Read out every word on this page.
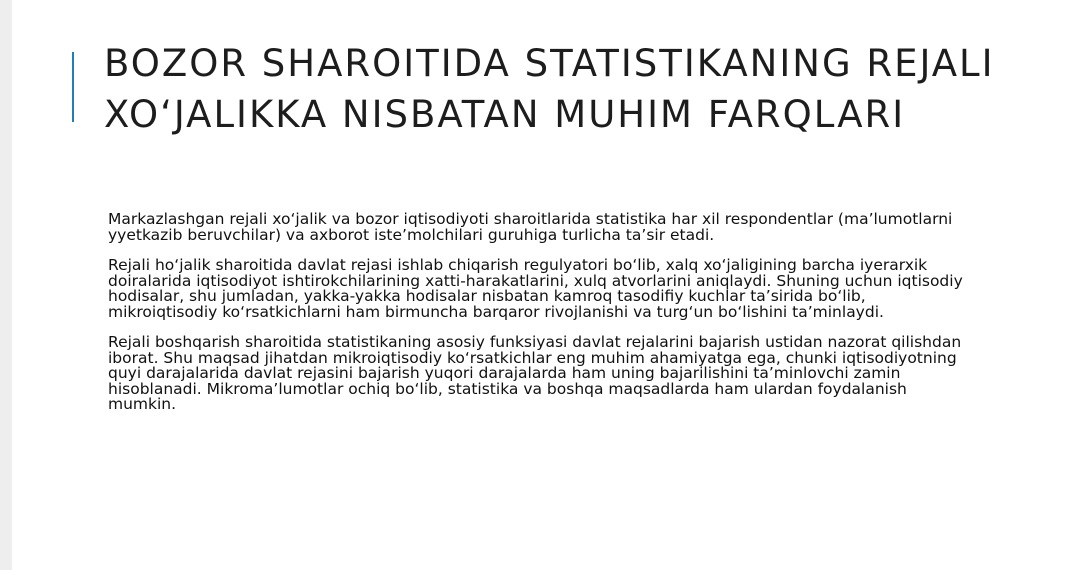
BOZOR SHAROITIDA STATISTIKANING REJALI
XO‘JALIKKA NISBATAN MUHIM FARQLARI

Markazlashgan rejali xo‘jalik va bozor iqtisodiyoti sharoitlarida statistika har xil respondentlar (ma’lumotlarni yyetkazib beruvchilar) va axborot iste’molchilari guruhiga turlicha ta’sir etadi.

Rejali ho‘jalik sharoitida davlat rejasi ishlab chiqarish regulyatori bo‘lib, xalq xo‘jaligining barcha iyerarxik doiralarida iqtisodiyot ishtirokchilarining xatti-harakatlarini, xulq atvorlarini aniqlaydi. Shuning uchun iqtisodiy hodisalar, shu jumladan, yakka-yakka hodisalar nisbatan kamroq tasodifiy kuchlar ta’sirida bo‘lib, mikroiqtisodiy ko‘rsatkichlarni ham birmuncha barqaror rivojlanishi va turg‘un bo‘lishini ta’minlaydi.

Rejali boshqarish sharoitida statistikaning asosiy funksiyasi davlat rejalarini bajarish ustidan nazorat qilishdan iborat. Shu maqsad jihatdan mikroiqtisodiy ko‘rsatkichlar eng muhim ahamiyatga ega, chunki iqtisodiyotning quyi darajalarida davlat rejasini bajarish yuqori darajalarda ham uning bajarilishini ta’minlovchi zamin hisoblanadi. Mikroma’lumotlar ochiq bo‘lib, statistika va boshqa maqsadlarda ham ulardan foydalanish mumkin.
